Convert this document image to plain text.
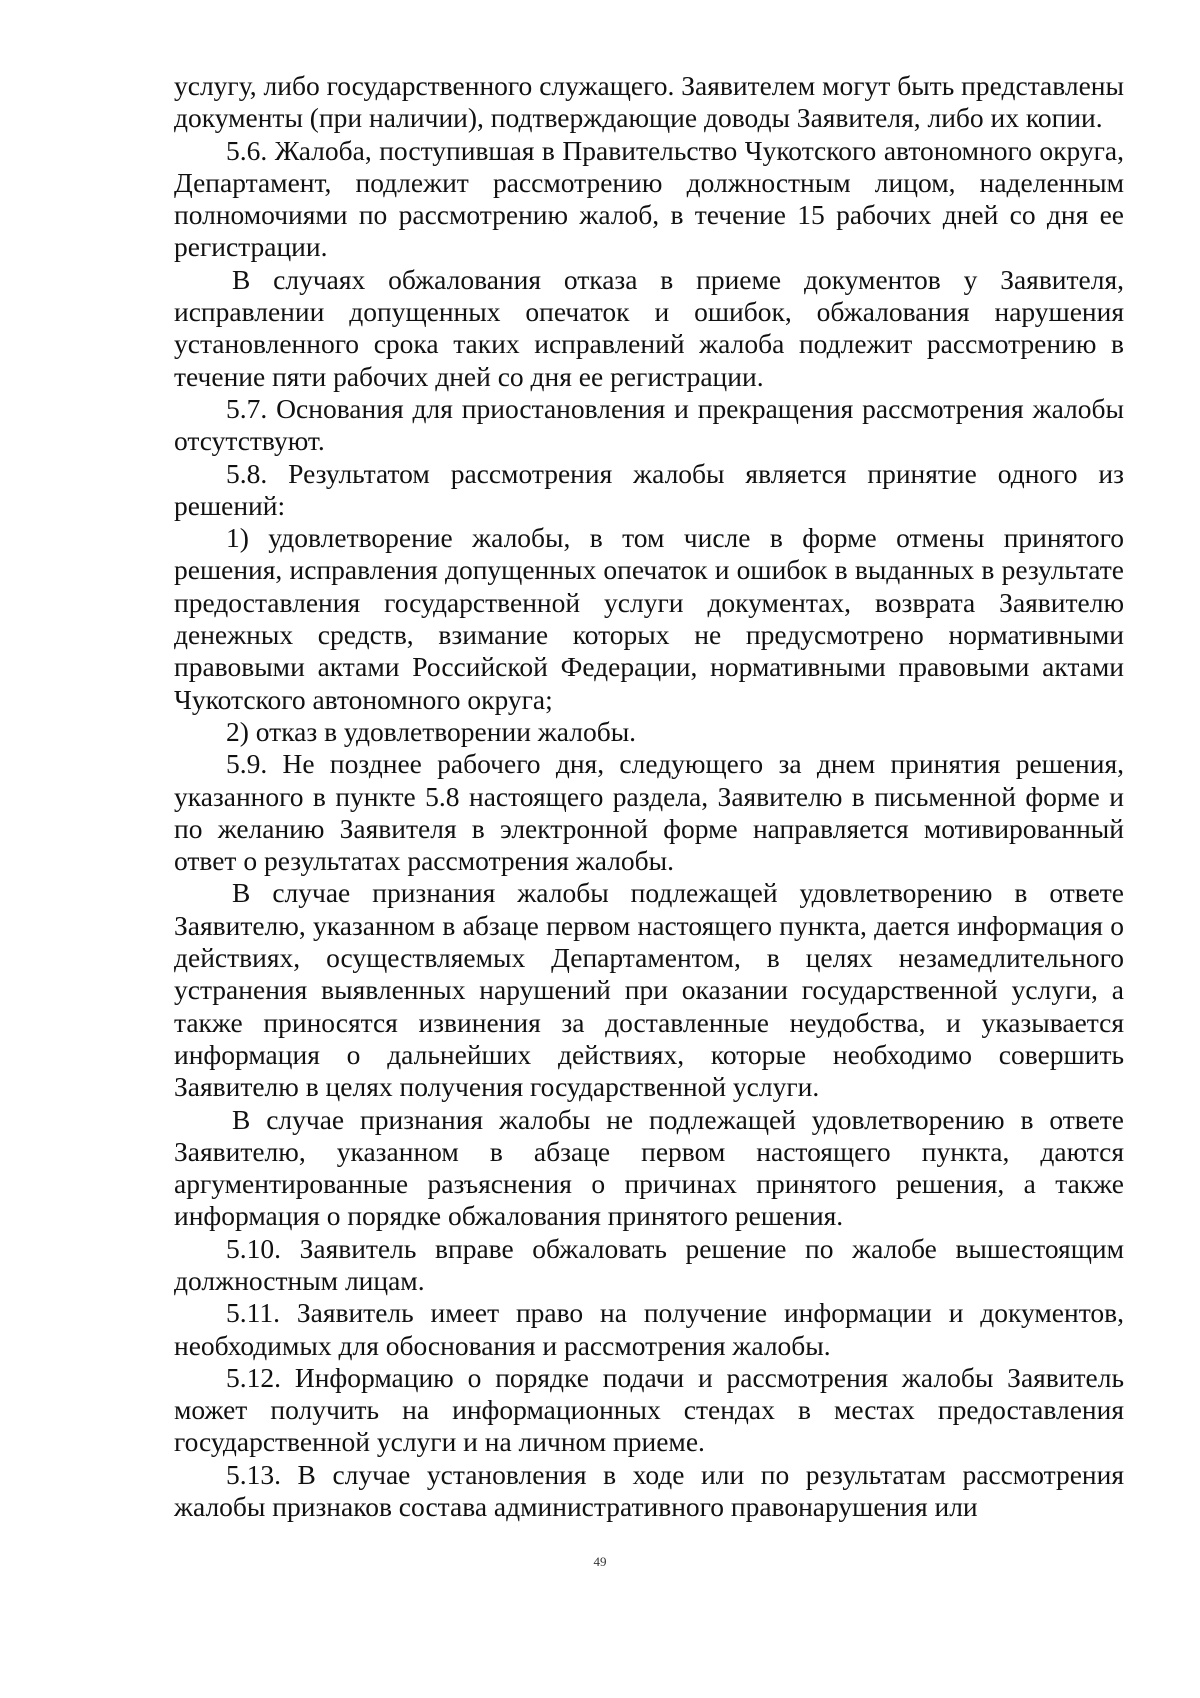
услугу, либо государственного служащего. Заявителем могут быть представлены документы (при наличии), подтверждающие доводы Заявителя, либо их копии.

5.6. Жалоба, поступившая в Правительство Чукотского автономного округа, Департамент, подлежит рассмотрению должностным лицом, наделенным полномочиями по рассмотрению жалоб, в течение 15 рабочих дней со дня ее регистрации.

В случаях обжалования отказа в приеме документов у Заявителя, исправлении допущенных опечаток и ошибок, обжалования нарушения установленного срока таких исправлений жалоба подлежит рассмотрению в течение пяти рабочих дней со дня ее регистрации.

5.7. Основания для приостановления и прекращения рассмотрения жалобы отсутствуют.

5.8. Результатом рассмотрения жалобы является принятие одного из решений:

1) удовлетворение жалобы, в том числе в форме отмены принятого решения, исправления допущенных опечаток и ошибок в выданных в результате предоставления государственной услуги документах, возврата Заявителю денежных средств, взимание которых не предусмотрено нормативными правовыми актами Российской Федерации, нормативными правовыми актами Чукотского автономного округа;

2) отказ в удовлетворении жалобы.

5.9. Не позднее рабочего дня, следующего за днем принятия решения, указанного в пункте 5.8 настоящего раздела, Заявителю в письменной форме и по желанию Заявителя в электронной форме направляется мотивированный ответ о результатах рассмотрения жалобы.

В случае признания жалобы подлежащей удовлетворению в ответе Заявителю, указанном в абзаце первом настоящего пункта, дается информация о действиях, осуществляемых Департаментом, в целях незамедлительного устранения выявленных нарушений при оказании государственной услуги, а также приносятся извинения за доставленные неудобства, и указывается информация о дальнейших действиях, которые необходимо совершить Заявителю в целях получения государственной услуги.

В случае признания жалобы не подлежащей удовлетворению в ответе Заявителю, указанном в абзаце первом настоящего пункта, даются аргументированные разъяснения о причинах принятого решения, а также информация о порядке обжалования принятого решения.

5.10. Заявитель вправе обжаловать решение по жалобе вышестоящим должностным лицам.

5.11. Заявитель имеет право на получение информации и документов, необходимых для обоснования и рассмотрения жалобы.

5.12. Информацию о порядке подачи и рассмотрения жалобы Заявитель может получить на информационных стендах в местах предоставления государственной услуги и на личном приеме.

5.13. В случае установления в ходе или по результатам рассмотрения жалобы признаков состава административного правонарушения или

49
